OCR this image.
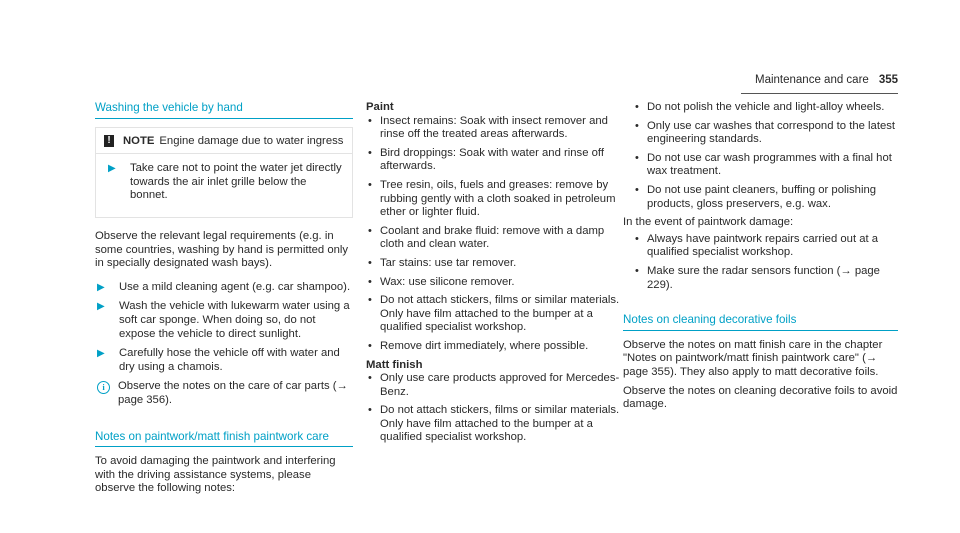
Maintenance and care 355
Washing the vehicle by hand
! NOTE Engine damage due to water ingress
▶	Take care not to point the water jet directly towards the air inlet grille below the bonnet.

Observe the relevant legal requirements (e.g. in some countries, washing by hand is permitted only in specially designated wash bays).

▶	Use a mild cleaning agent (e.g. car shampoo).
▶	Wash the vehicle with lukewarm water using a soft car sponge. When doing so, do not expose the vehicle to direct sunlight.
▶	Carefully hose the vehicle off with water and dry using a chamois.
i	Observe the notes on the care of car parts (→ page 356).
Notes on paintwork/matt finish paintwork care

To avoid damaging the paintwork and interfering with the driving assistance systems, please observe the following notes:

Paint

• Insect remains: Soak with insect remover and rinse off the treated areas afterwards.
• Bird droppings: Soak with water and rinse off afterwards.
• Tree resin, oils, fuels and greases: remove by rubbing gently with a cloth soaked in petroleum ether or lighter fluid.
• Coolant and brake fluid: remove with a damp cloth and clean water.
• Tar stains: use tar remover.
• Wax: use silicone remover.
• Do not attach stickers, films or similar materials. Only have film attached to the bumper at a qualified specialist workshop.
• Remove dirt immediately, where possible.

Matt finish

• Only use care products approved for Mercedes-Benz.
• Do not attach stickers, films or similar materials. Only have film attached to the bumper at a qualified specialist workshop.
• Do not polish the vehicle and light-alloy wheels.
• Only use car washes that correspond to the latest engineering standards.
• Do not use car wash programmes with a final hot wax treatment.
• Do not use paint cleaners, buffing or polishing products, gloss preservers, e.g. wax.

In the event of paintwork damage:

• Always have paintwork repairs carried out at a qualified specialist workshop.
• Make sure the radar sensors function (→ page 229).
Notes on cleaning decorative foils

Observe the notes on matt finish care in the chapter "Notes on paintwork/matt finish paintwork care" (→ page 355). They also apply to matt decorative foils.

Observe the notes on cleaning decorative foils to avoid damage.
